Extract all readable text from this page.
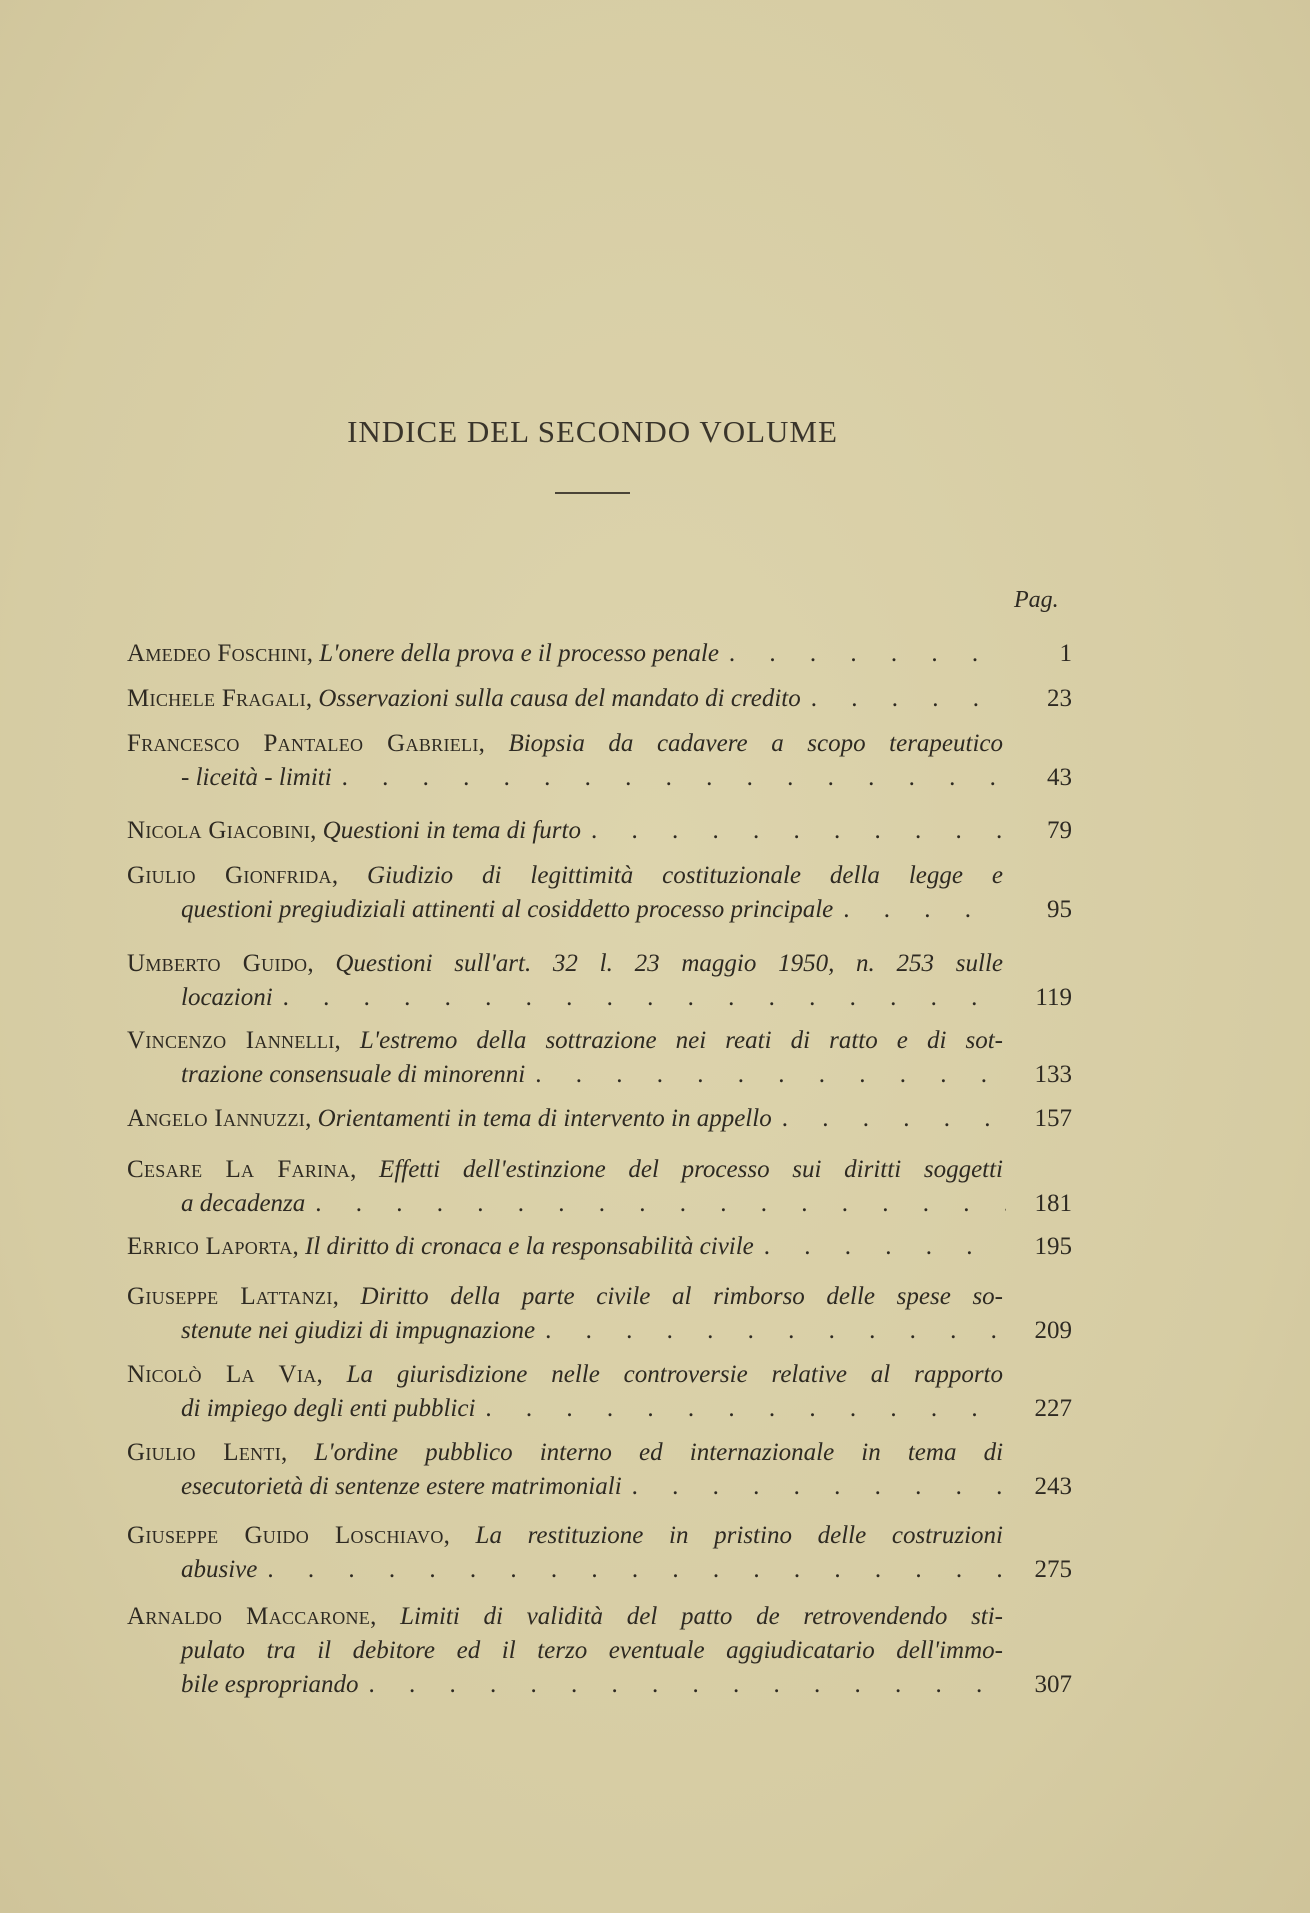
INDICE DEL SECONDO VOLUME
Pag.
Amedeo Foschini, L'onere della prova e il processo penale . . .	1
Michele Fragali, Osservazioni sulla causa del mandato di credito . . .	23
Francesco Pantaleo Gabrieli, Biopsia da cadavere a scopo terapeutico
- liceità - limiti . . .	43
Nicola Giacobini, Questioni in tema di furto . . .	79
Giulio Gionfrida, Giudizio di legittimità costituzionale della legge e
questioni pregiudiziali attinenti al cosiddetto processo principale . . .	95
Umberto Guido, Questioni sull'art. 32 l. 23 maggio 1950, n. 253 sulle
locazioni . . .	119
Vincenzo Iannelli, L'estremo della sottrazione nei reati di ratto e di sot-
trazione consensuale di minorenni . . .	133
Angelo Iannuzzi, Orientamenti in tema di intervento in appello . . .	157
Cesare La Farina, Effetti dell'estinzione del processo sui diritti soggetti
a decadenza . . .	181
Errico Laporta, Il diritto di cronaca e la responsabilità civile . . .	195
Giuseppe Lattanzi, Diritto della parte civile al rimborso delle spese so-
stenute nei giudizi di impugnazione . . .	209
Nicolò La Via, La giurisdizione nelle controversie relative al rapporto
di impiego degli enti pubblici . . .	227
Giulio Lenti, L'ordine pubblico interno ed internazionale in tema di
esecutorietà di sentenze estere matrimoniali . . .	243
Giuseppe Guido Loschiavo, La restituzione in pristino delle costruzioni
abusive . . .	275
Arnaldo Maccarone, Limiti di validità del patto de retrovendendo sti-
pulato tra il debitore ed il terzo eventuale aggiudicatario dell'immo-
bile espropriando . . .	307
